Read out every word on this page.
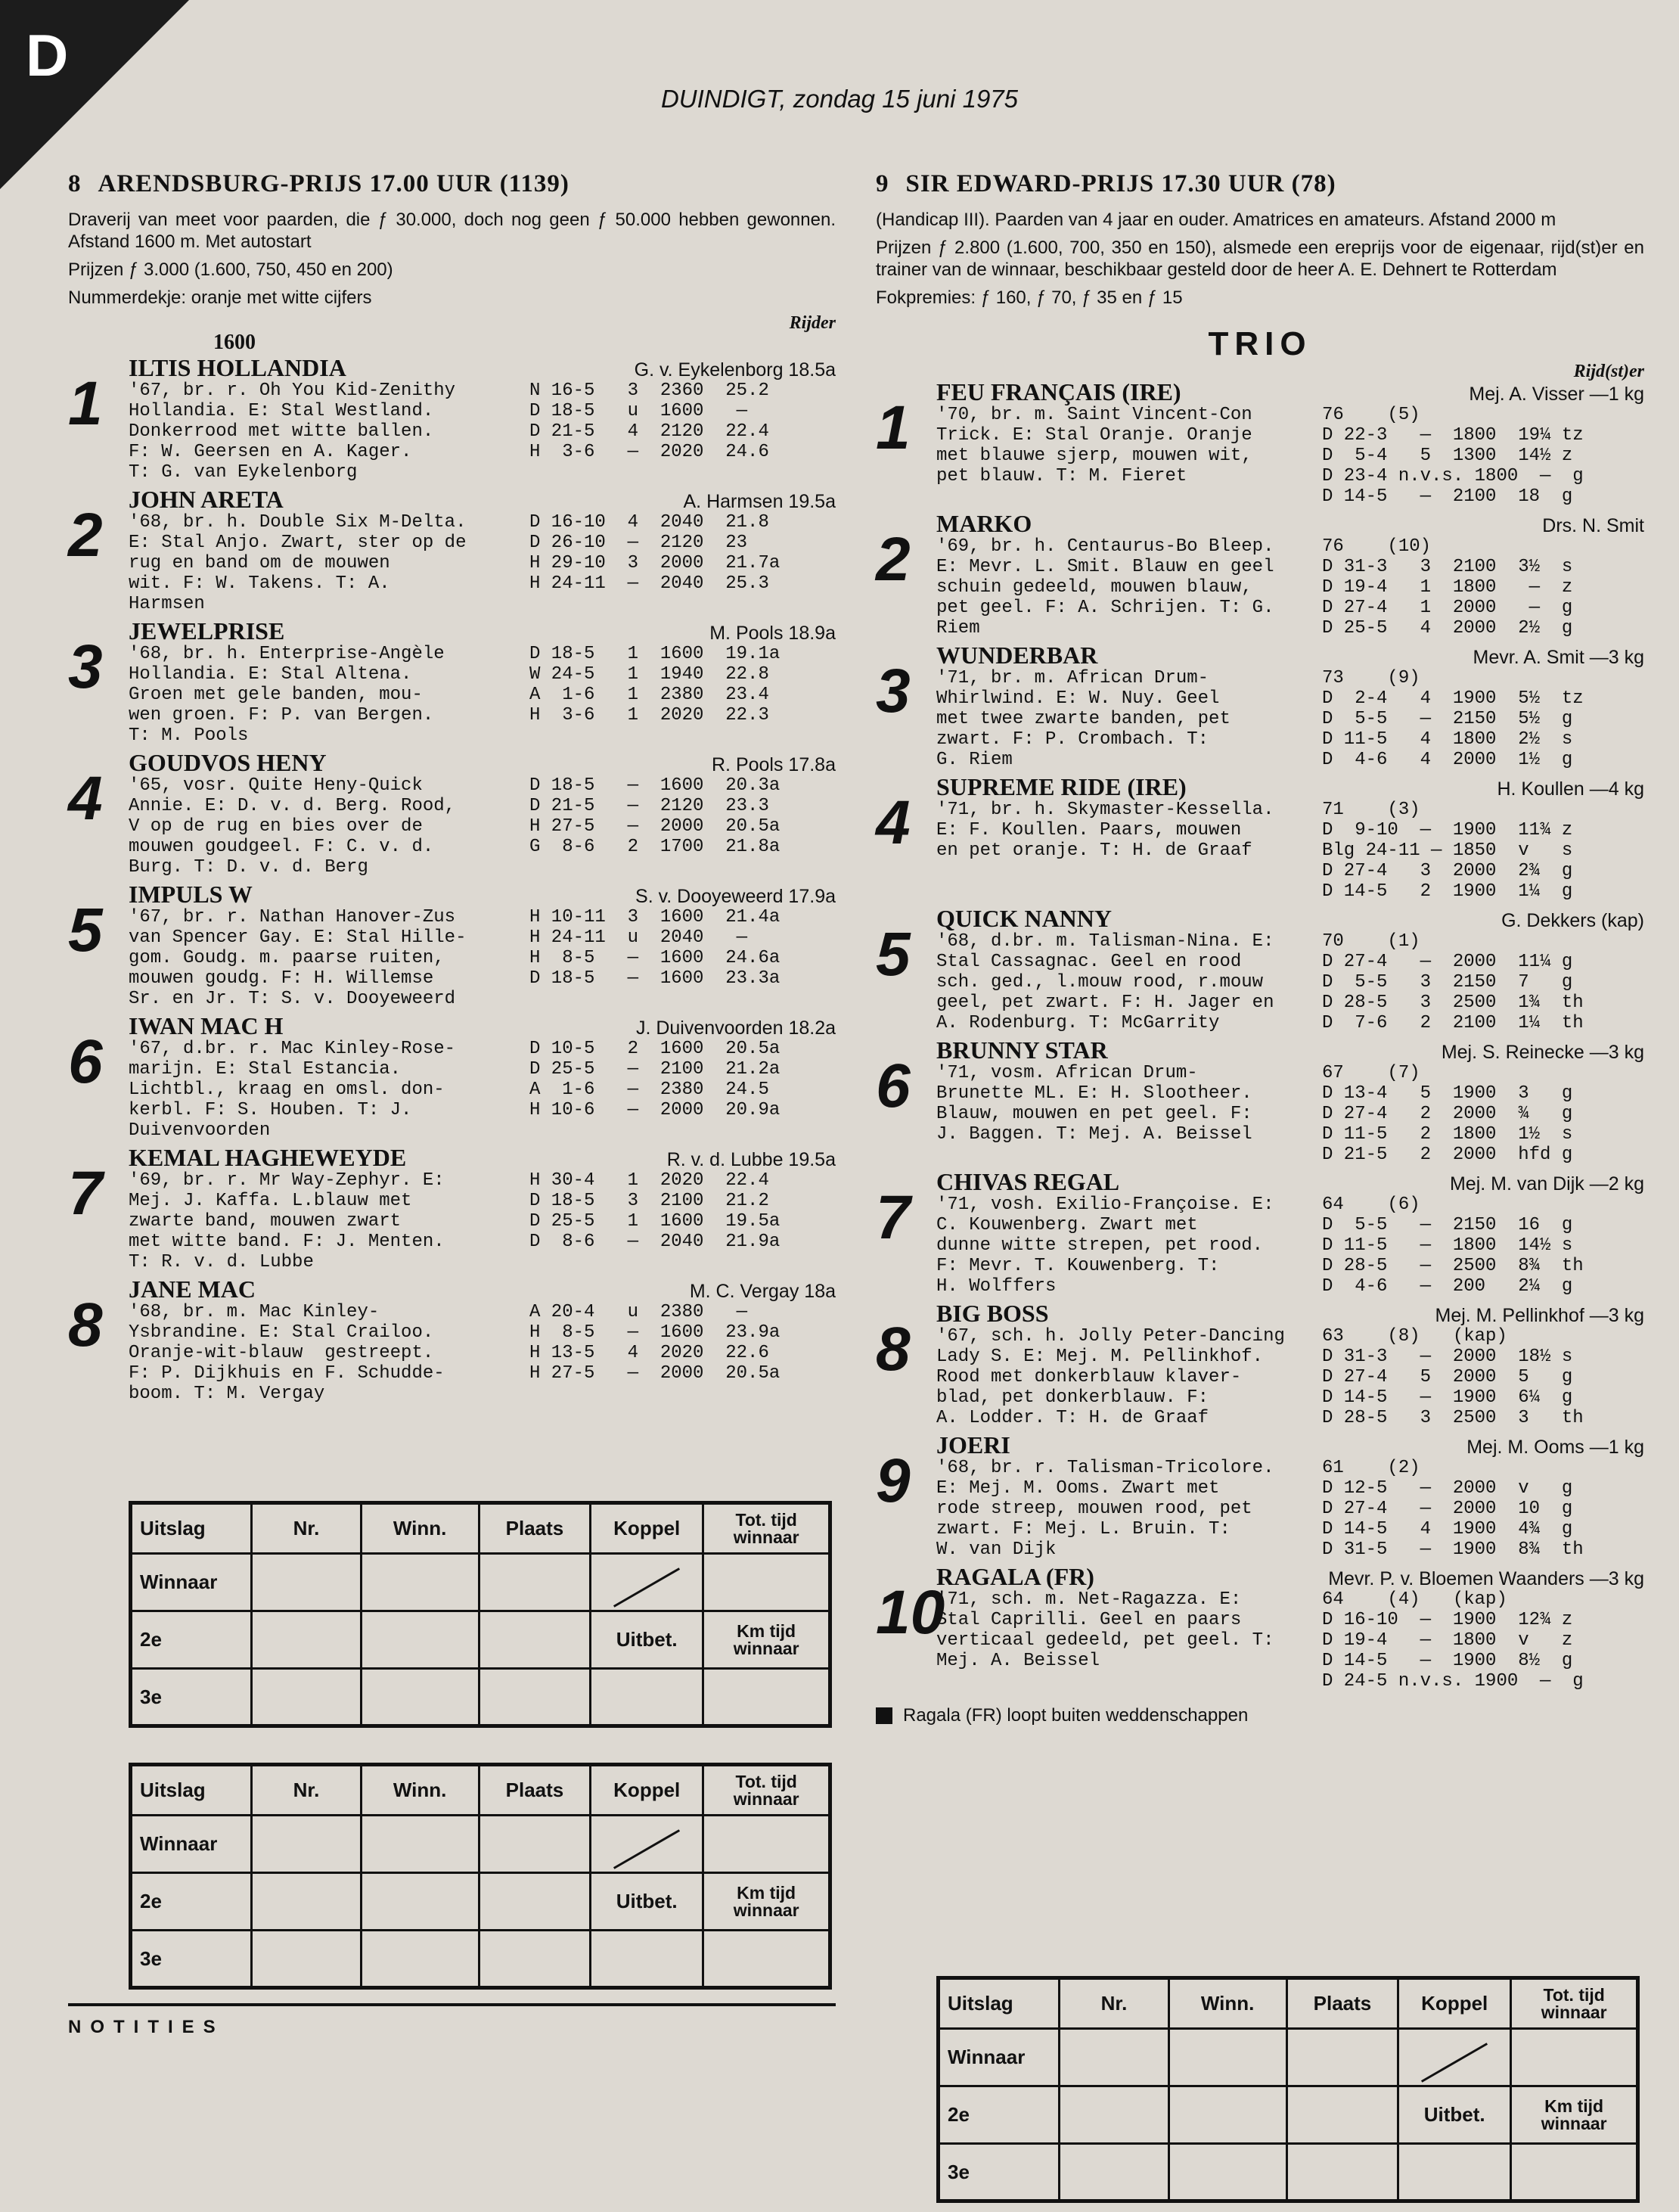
D
DUINDIGT, zondag 15 juni 1975
8 ARENDSBURG-PRIJS 17.00 UUR (1139)

Draverij van meet voor paarden, die ƒ 30.000, doch nog geen ƒ 50.000 hebben gewonnen. Afstand 1600 m. Met autostart

Prijzen ƒ 3.000 (1.600, 750, 450 en 200)

Nummerdekje: oranje met witte cijfers

Rijder
1600
1
ILTIS HOLLANDIA	G. v. Eykelenborg 18.5a
'67, br. r. Oh You Kid-Zenithy	N 16-5   3  2360  25.2
Hollandia. E: Stal Westland.	D 18-5   u  1600   —
Donkerrood met witte ballen.	D 21-5   4  2120  22.4
F: W. Geersen en A. Kager.	H  3-6   —  2020  24.6
T: G. van Eykelenborg
2
JOHN ARETA	A. Harmsen 19.5a
'68, br. h. Double Six M-Delta.	D 16-10  4  2040  21.8
E: Stal Anjo. Zwart, ster op de	D 26-10  —  2120  23
rug en band om de mouwen	H 29-10  3  2000  21.7a
wit. F: W. Takens. T: A.	H 24-11  —  2040  25.3
Harmsen
3
JEWELPRISE	M. Pools 18.9a
'68, br. h. Enterprise-Angèle	D 18-5   1  1600  19.1a
Hollandia. E: Stal Altena.	W 24-5   1  1940  22.8
Groen met gele banden, mou-	A  1-6   1  2380  23.4
wen groen. F: P. van Bergen.	H  3-6   1  2020  22.3
T: M. Pools
4
GOUDVOS HENY	R. Pools 17.8a
'65, vosr. Quite Heny-Quick	D 18-5   —  1600  20.3a
Annie. E: D. v. d. Berg. Rood,	D 21-5   —  2120  23.3
V op de rug en bies over de	H 27-5   —  2000  20.5a
mouwen goudgeel. F: C. v. d.	G  8-6   2  1700  21.8a
Burg. T: D. v. d. Berg
5
IMPULS W	S. v. Dooyeweerd 17.9a
'67, br. r. Nathan Hanover-Zus	H 10-11  3  1600  21.4a
van Spencer Gay. E: Stal Hille-	H 24-11  u  2040   —
gom. Goudg. m. paarse ruiten,	H  8-5   —  1600  24.6a
mouwen goudg. F: H. Willemse	D 18-5   —  1600  23.3a
Sr. en Jr. T: S. v. Dooyeweerd
6
IWAN MAC H	J. Duivenvoorden 18.2a
'67, d.br. r. Mac Kinley-Rose-	D 10-5   2  1600  20.5a
marijn. E: Stal Estancia.	D 25-5   —  2100  21.2a
Lichtbl., kraag en omsl. don-	A  1-6   —  2380  24.5
kerbl. F: S. Houben. T: J.	H 10-6   —  2000  20.9a
Duivenvoorden
7
KEMAL HAGHEWEYDE	R. v. d. Lubbe 19.5a
'69, br. r. Mr Way-Zephyr. E:	H 30-4   1  2020  22.4
Mej. J. Kaffa. L.blauw met	D 18-5   3  2100  21.2
zwarte band, mouwen zwart	D 25-5   1  1600  19.5a
met witte band. F: J. Menten.	D  8-6   —  2040  21.9a
T: R. v. d. Lubbe
8
JANE MAC	M. C. Vergay 18a
'68, br. m. Mac Kinley-	A 20-4   u  2380   —
Ysbrandine. E: Stal Crailoo.	H  8-5   —  1600  23.9a
Oranje-wit-blauw  gestreept.	H 13-5   4  2020  22.6
F: P. Dijkhuis en F. Schudde-	H 27-5   —  2000  20.5a
boom. T: M. Vergay
9 SIR EDWARD-PRIJS 17.30 UUR (78)

(Handicap III). Paarden van 4 jaar en ouder. Amatrices en amateurs. Afstand 2000 m

Prijzen ƒ 2.800 (1.600, 700, 350 en 150), alsmede een ereprijs voor de eigenaar, rijd(st)er en trainer van de winnaar, beschikbaar gesteld door de heer A. E. Dehnert te Rotterdam

Fokpremies: ƒ 160, ƒ 70, ƒ 35 en ƒ 15

TRIO
Rijd(st)er
1
FEU FRANÇAIS (IRE)	Mej. A. Visser —1 kg
'70, br. m. Saint Vincent-Con	76    (5)
Trick. E: Stal Oranje. Oranje	D 22-3   —  1800  19¼ tz
met blauwe sjerp, mouwen wit,	D  5-4   5  1300  14½ z
pet blauw. T: M. Fieret	D 23-4 n.v.s. 1800  —  g
D 14-5   —  2100  18  g
2
MARKO	Drs. N. Smit
'69, br. h. Centaurus-Bo Bleep.	76    (10)
E: Mevr. L. Smit. Blauw en geel	D 31-3   3  2100  3½  s
schuin gedeeld, mouwen blauw,	D 19-4   1  1800   —  z
pet geel. F: A. Schrijen. T: G.	D 27-4   1  2000   —  g
Riem	D 25-5   4  2000  2½  g
3
WUNDERBAR	Mevr. A. Smit —3 kg
'71, br. m. African Drum-	73    (9)
Whirlwind. E: W. Nuy. Geel	D  2-4   4  1900  5½  tz
met twee zwarte banden, pet	D  5-5   —  2150  5½  g
zwart. F: P. Crombach. T:	D 11-5   4  1800  2½  s
G. Riem	D  4-6   4  2000  1½  g
4
SUPREME RIDE (IRE)	H. Koullen —4 kg
'71, br. h. Skymaster-Kessella.	71    (3)
E: F. Koullen. Paars, mouwen	D  9-10  —  1900  11¾ z
en pet oranje. T: H. de Graaf	Blg 24-11 — 1850  v   s
D 27-4   3  2000  2¾  g
D 14-5   2  1900  1¼  g
5
QUICK NANNY	G. Dekkers (kap)
'68, d.br. m. Talisman-Nina. E:	70    (1)
Stal Cassagnac. Geel en rood	D 27-4   —  2000  11¼ g
sch. ged., l.mouw rood, r.mouw	D  5-5   3  2150  7   g
geel, pet zwart. F: H. Jager en	D 28-5   3  2500  1¾  th
A. Rodenburg. T: McGarrity	D  7-6   2  2100  1¼  th
6
BRUNNY STAR	Mej. S. Reinecke —3 kg
'71, vosm. African Drum-	67    (7)
Brunette ML. E: H. Slootheer.	D 13-4   5  1900  3   g
Blauw, mouwen en pet geel. F:	D 27-4   2  2000  ¾   g
J. Baggen. T: Mej. A. Beissel	D 11-5   2  1800  1½  s
D 21-5   2  2000  hfd g
7
CHIVAS REGAL	Mej. M. van Dijk —2 kg
'71, vosh. Exilio-Françoise. E:	64    (6)
C. Kouwenberg. Zwart met	D  5-5   —  2150  16  g
dunne witte strepen, pet rood.	D 11-5   —  1800  14½ s
F: Mevr. T. Kouwenberg. T:	D 28-5   —  2500  8¾  th
H. Wolffers	D  4-6   —  200   2¼  g
8
BIG BOSS	Mej. M. Pellinkhof —3 kg
'67, sch. h. Jolly Peter-Dancing	63    (8)   (kap)
Lady S. E: Mej. M. Pellinkhof.	D 31-3   —  2000  18½ s
Rood met donkerblauw klaver-	D 27-4   5  2000  5   g
blad, pet donkerblauw. F:	D 14-5   —  1900  6¼  g
A. Lodder. T: H. de Graaf	D 28-5   3  2500  3   th
9
JOERI	Mej. M. Ooms —1 kg
'68, br. r. Talisman-Tricolore.	61    (2)
E: Mej. M. Ooms. Zwart met	D 12-5   —  2000  v   g
rode streep, mouwen rood, pet	D 27-4   —  2000  10  g
zwart. F: Mej. L. Bruin. T:	D 14-5   4  1900  4¾  g
W. van Dijk	D 31-5   —  1900  8¾  th
10
RAGALA (FR)	Mevr. P. v. Bloemen Waanders —3 kg
'71, sch. m. Net-Ragazza. E:	64    (4)   (kap)
Stal Caprilli. Geel en paars	D 16-10  —  1900  12¾ z
verticaal gedeeld, pet geel. T:	D 19-4   —  1800  v   z
Mej. A. Beissel	D 14-5   —  1900  8½  g
D 24-5 n.v.s. 1900  —  g
Ragala (FR) loopt buiten weddenschappen
Uitslag	Nr.	Winn.	Plaats	Koppel	Tot. tijd winnaar
Winnaar					
2e				Uitbet.	Km tijd winnaar
3e					
Uitslag	Nr.	Winn.	Plaats	Koppel	Tot. tijd winnaar
Winnaar					
2e				Uitbet.	Km tijd winnaar
3e					
Uitslag	Nr.	Winn.	Plaats	Koppel	Tot. tijd winnaar
Winnaar					
2e				Uitbet.	Km tijd winnaar
3e					
NOTITIES
